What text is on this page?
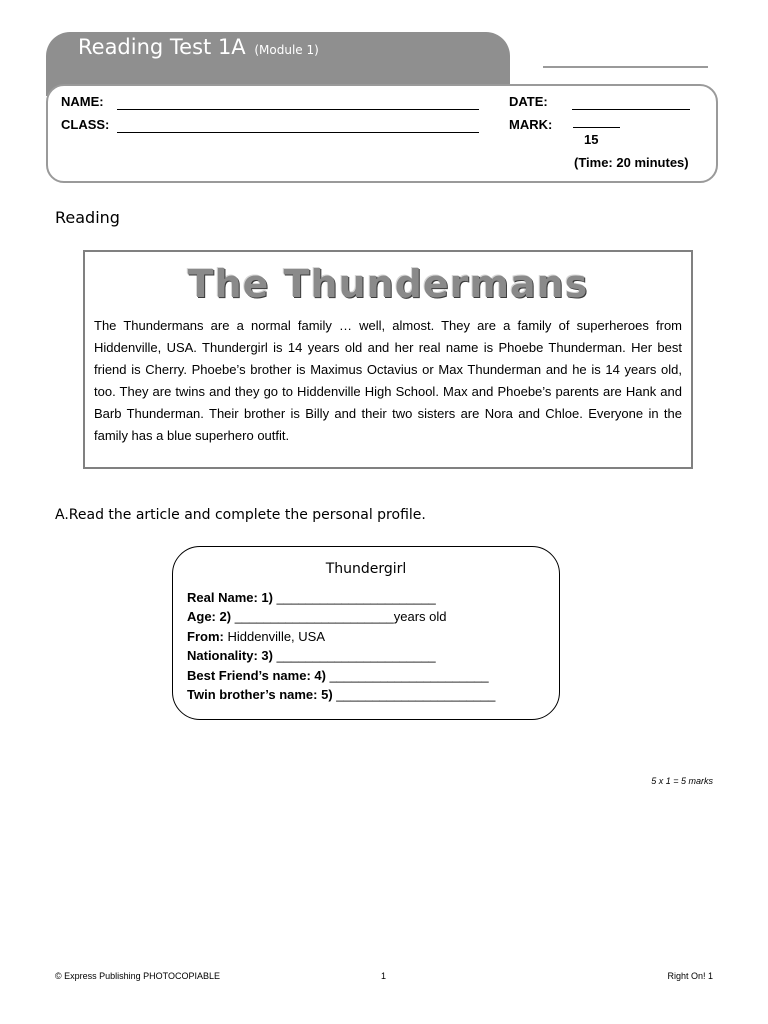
Reading Test 1A (Module 1)
NAME:
CLASS:
DATE:
MARK:
15
(Time: 20 minutes)
Reading
The Thundermans
The Thundermans are a normal family … well, almost. They are a family of superheroes from Hiddenville, USA. Thundergirl is 14 years old and her real name is Phoebe Thunderman. Her best friend is Cherry. Phoebe’s brother is Maximus Octavius or Max Thunderman and he is 14 years old, too. They are twins and they go to Hiddenville High School. Max and Phoebe’s parents are Hank and Barb Thunderman. Their brother is Billy and their two sisters are Nora and Chloe. Everyone in the family has a blue superhero outfit.
A.Read the article and complete the personal profile.
Thundergirl
Real Name: 1) ______________________
Age: 2) ______________________years old
From: Hiddenville, USA
Nationality: 3) ______________________
Best Friend’s name: 4) ______________________
Twin brother’s name: 5) ______________________
5 x 1 = 5 marks
© Express Publishing PHOTOCOPIABLE	1	Right On! 1
